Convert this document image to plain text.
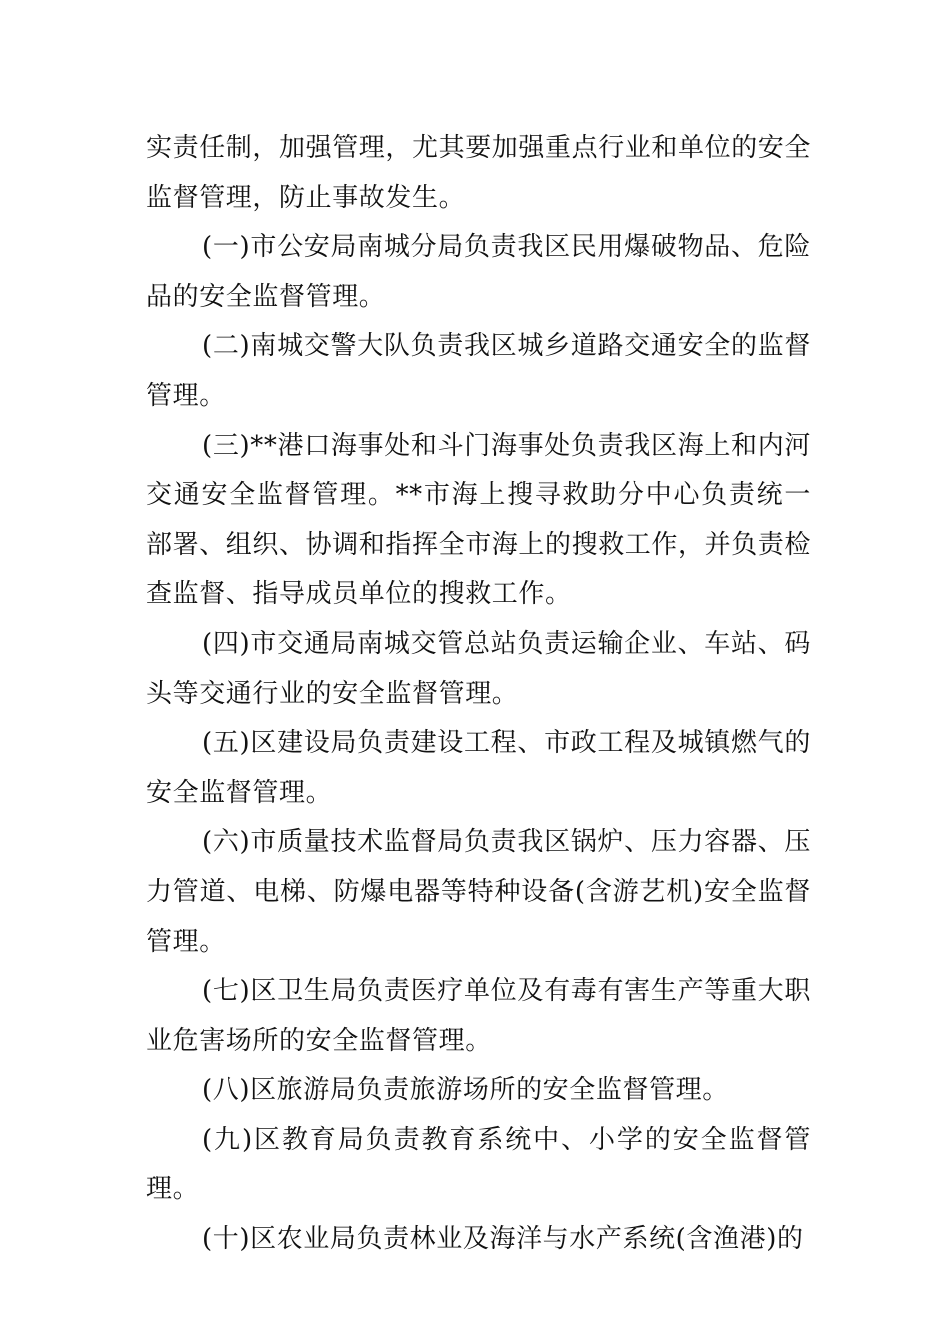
实责任制，加强管理，尤其要加强重点行业和单位的安全监督管理，防止事故发生。

(一)市公安局南城分局负责我区民用爆破物品、危险品的安全监督管理。

(二)南城交警大队负责我区城乡道路交通安全的监督管理。

(三)**港口海事处和斗门海事处负责我区海上和内河交通安全监督管理。**市海上搜寻救助分中心负责统一部署、组织、协调和指挥全市海上的搜救工作，并负责检查监督、指导成员单位的搜救工作。

(四)市交通局南城交管总站负责运输企业、车站、码头等交通行业的安全监督管理。

(五)区建设局负责建设工程、市政工程及城镇燃气的安全监督管理。

(六)市质量技术监督局负责我区锅炉、压力容器、压力管道、电梯、防爆电器等特种设备(含游艺机)安全监督管理。

(七)区卫生局负责医疗单位及有毒有害生产等重大职业危害场所的安全监督管理。

(八)区旅游局负责旅游场所的安全监督管理。

(九)区教育局负责教育系统中、小学的安全监督管理。

(十)区农业局负责林业及海洋与水产系统(含渔港)的
